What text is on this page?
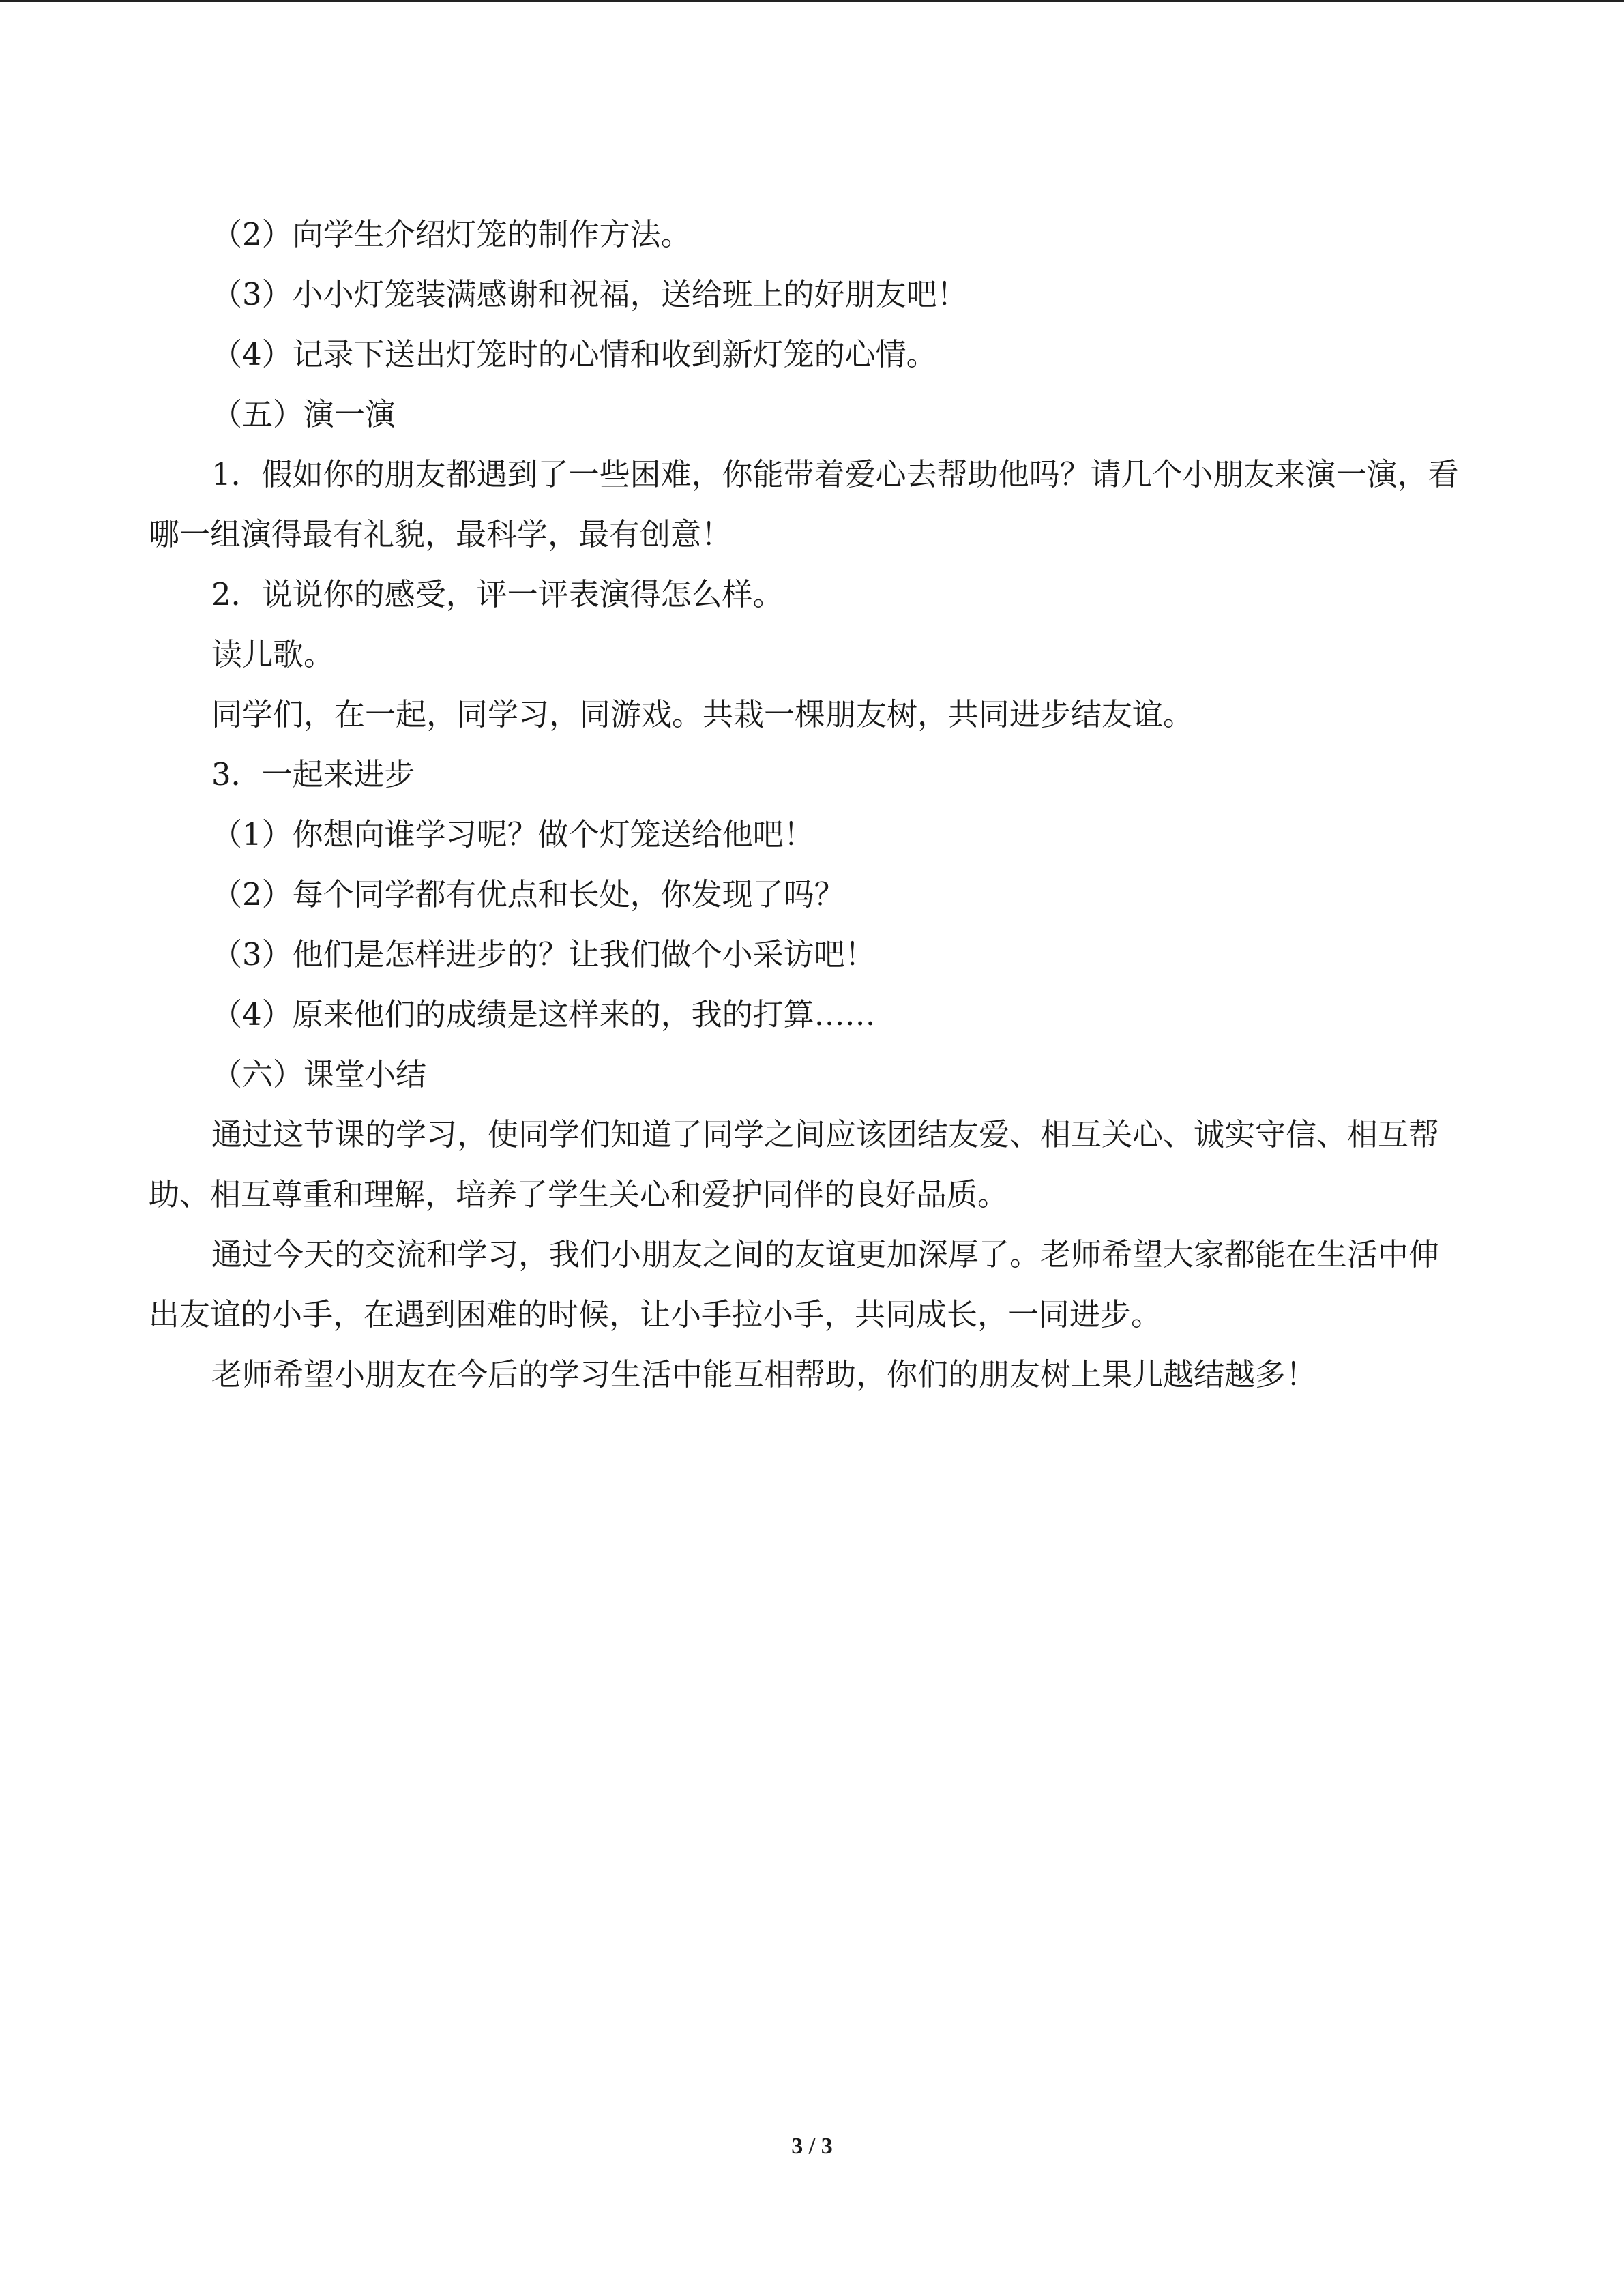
（2）向学生介绍灯笼的制作方法。

（3）小小灯笼装满感谢和祝福，送给班上的好朋友吧！

（4）记录下送出灯笼时的心情和收到新灯笼的心情。

（五）演一演

1．假如你的朋友都遇到了一些困难，你能带着爱心去帮助他吗？请几个小朋友来演一演，看哪一组演得最有礼貌，最科学，最有创意！

2．说说你的感受，评一评表演得怎么样。

读儿歌。

同学们，在一起，同学习，同游戏。共栽一棵朋友树，共同进步结友谊。

3．一起来进步

（1）你想向谁学习呢？做个灯笼送给他吧！

（2）每个同学都有优点和长处，你发现了吗？

（3）他们是怎样进步的？让我们做个小采访吧！

（4）原来他们的成绩是这样来的，我的打算……

（六）课堂小结

通过这节课的学习，使同学们知道了同学之间应该团结友爱、相互关心、诚实守信、相互帮助、相互尊重和理解，培养了学生关心和爱护同伴的良好品质。

通过今天的交流和学习，我们小朋友之间的友谊更加深厚了。老师希望大家都能在生活中伸出友谊的小手，在遇到困难的时候，让小手拉小手，共同成长，一同进步。

老师希望小朋友在今后的学习生活中能互相帮助，你们的朋友树上果儿越结越多！

3 / 3
